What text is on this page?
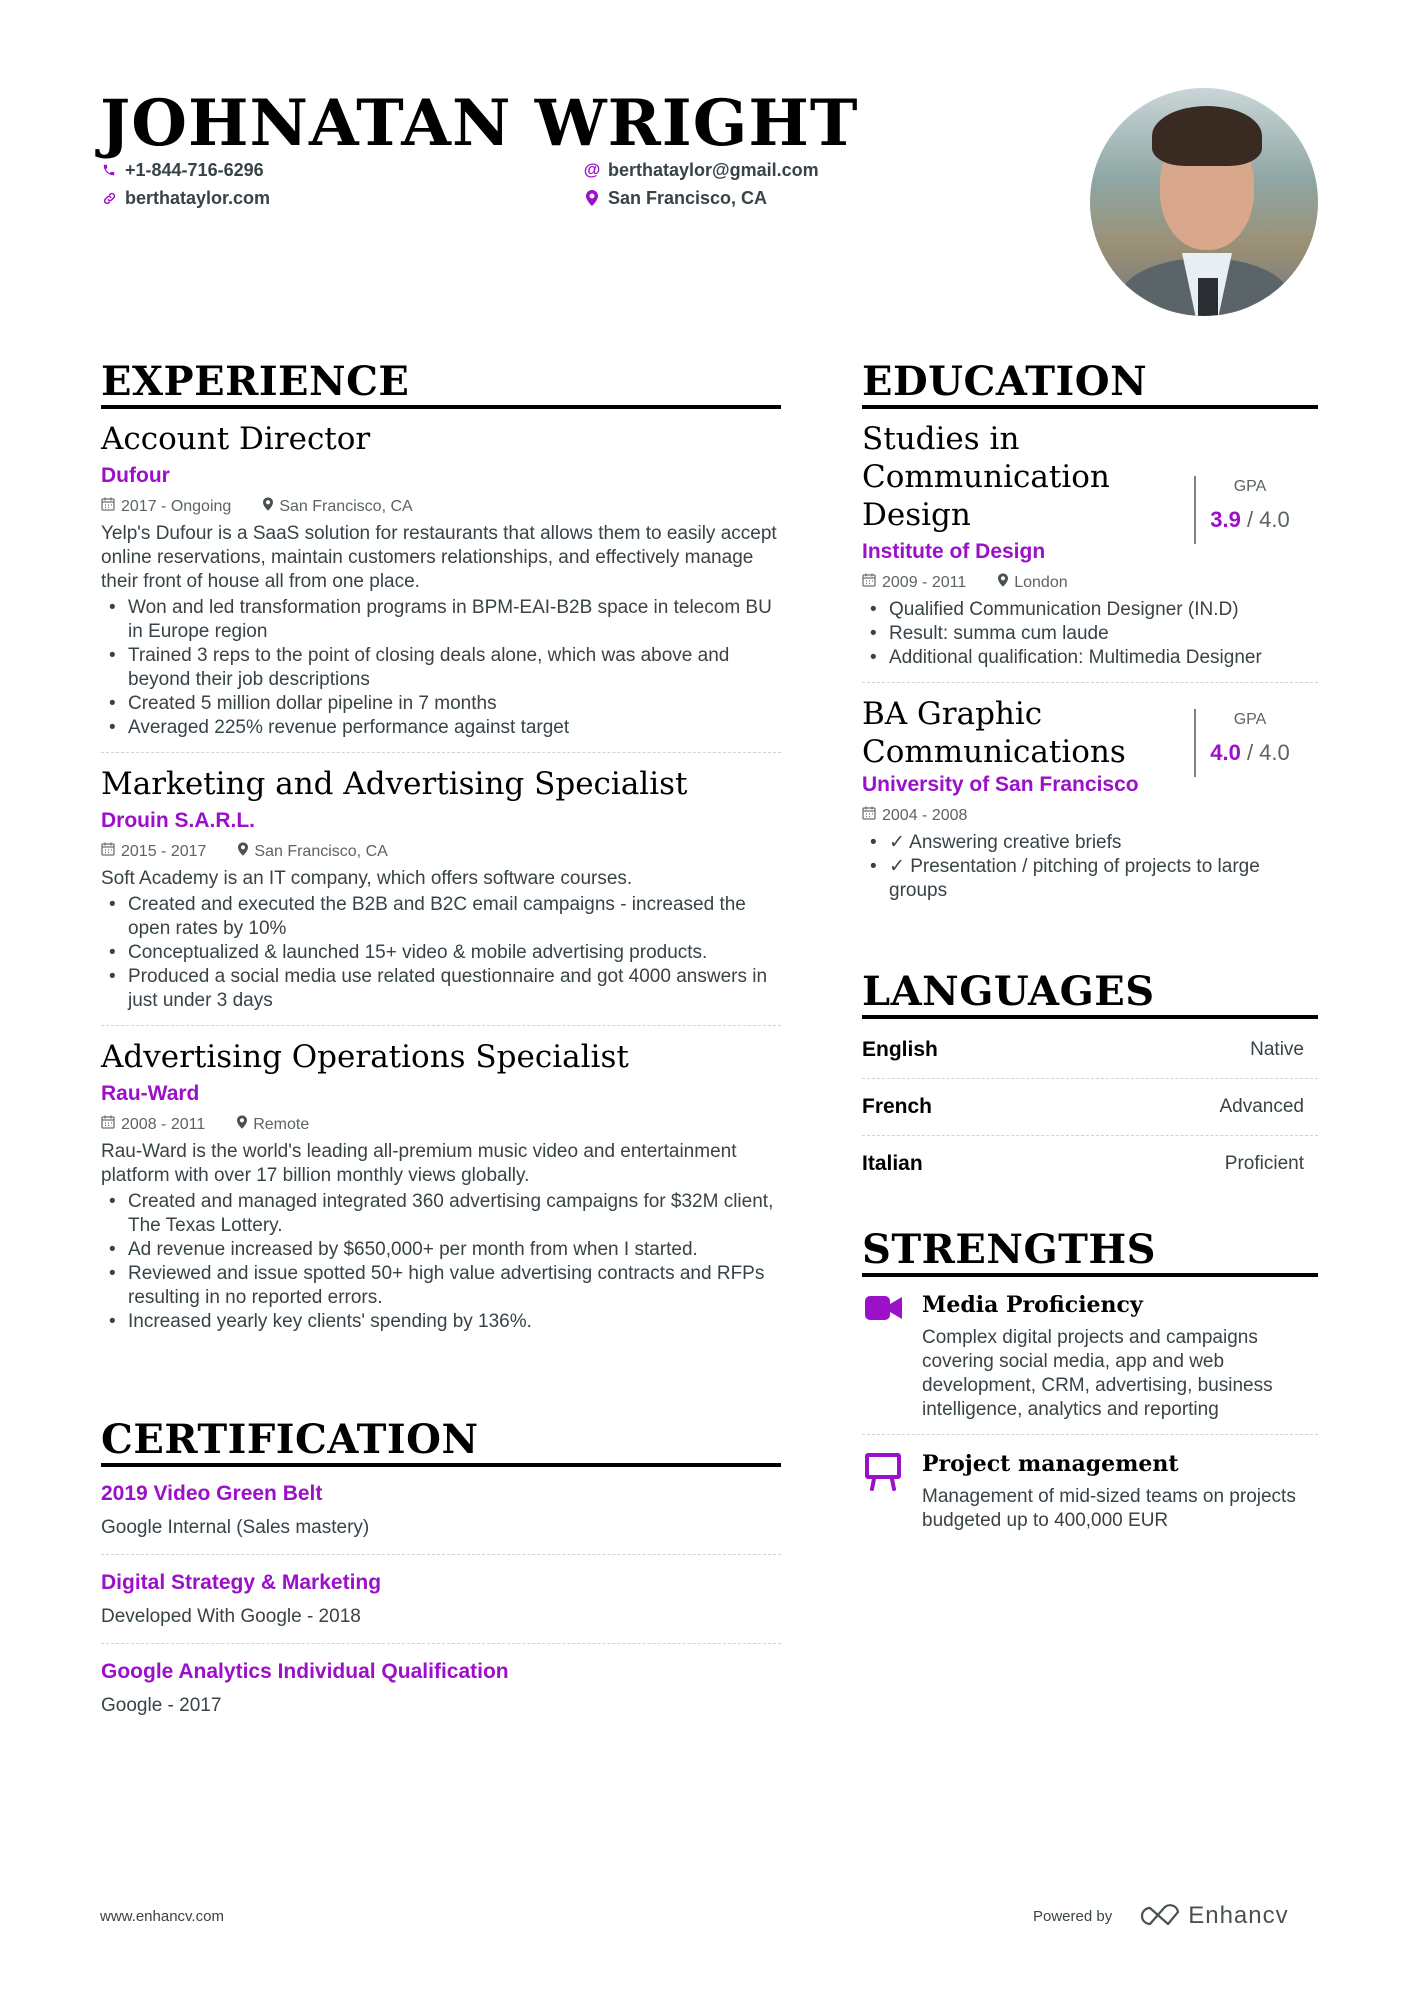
JOHNATAN WRIGHT
+1-844-716-6296
berthataylor.com
@ berthataylor@gmail.com
San Francisco, CA
EXPERIENCE
Account Director
Dufour
2017 - Ongoing	San Francisco, CA
Yelp's Dufour is a SaaS solution for restaurants that allows them to easily accept online reservations, maintain customers relationships, and effectively manage their front of house all from one place.
• Won and led transformation programs in BPM-EAI-B2B space in telecom BU in Europe region
• Trained 3 reps to the point of closing deals alone, which was above and beyond their job descriptions
• Created 5 million dollar pipeline in 7 months
• Averaged 225% revenue performance against target
Marketing and Advertising Specialist
Drouin S.A.R.L.
2015 - 2017	San Francisco, CA
Soft Academy is an IT company, which offers software courses.
• Created and executed the B2B and B2C email campaigns - increased the open rates by 10%
• Conceptualized & launched 15+ video & mobile advertising products.
• Produced a social media use related questionnaire and got 4000 answers in just under 3 days
Advertising Operations Specialist
Rau-Ward
2008 - 2011	Remote
Rau-Ward is the world's leading all-premium music video and entertainment platform with over 17 billion monthly views globally.
• Created and managed integrated 360 advertising campaigns for $32M client, The Texas Lottery.
• Ad revenue increased by $650,000+ per month from when I started.
• Reviewed and issue spotted 50+ high value advertising contracts and RFPs resulting in no reported errors.
• Increased yearly key clients' spending by 136%.
CERTIFICATION
2019 Video Green Belt
Google Internal (Sales mastery)
Digital Strategy & Marketing
Developed With Google - 2018
Google Analytics Individual Qualification
Google - 2017
EDUCATION
Studies in Communication Design
GPA
3.9 / 4.0
Institute of Design
2009 - 2011	London
• Qualified Communication Designer (IN.D)
• Result: summa cum laude
• Additional qualification: Multimedia Designer
BA Graphic Communications
GPA
4.0 / 4.0
University of San Francisco
2004 - 2008
• ✓ Answering creative briefs
• ✓ Presentation / pitching of projects to large groups
LANGUAGES
English	Native
French	Advanced
Italian	Proficient
STRENGTHS
Media Proficiency
Complex digital projects and campaigns covering social media, app and web development, CRM, advertising, business intelligence, analytics and reporting
Project management
Management of mid-sized teams on projects budgeted up to 400,000 EUR
www.enhancv.com	Powered by	Enhancv
